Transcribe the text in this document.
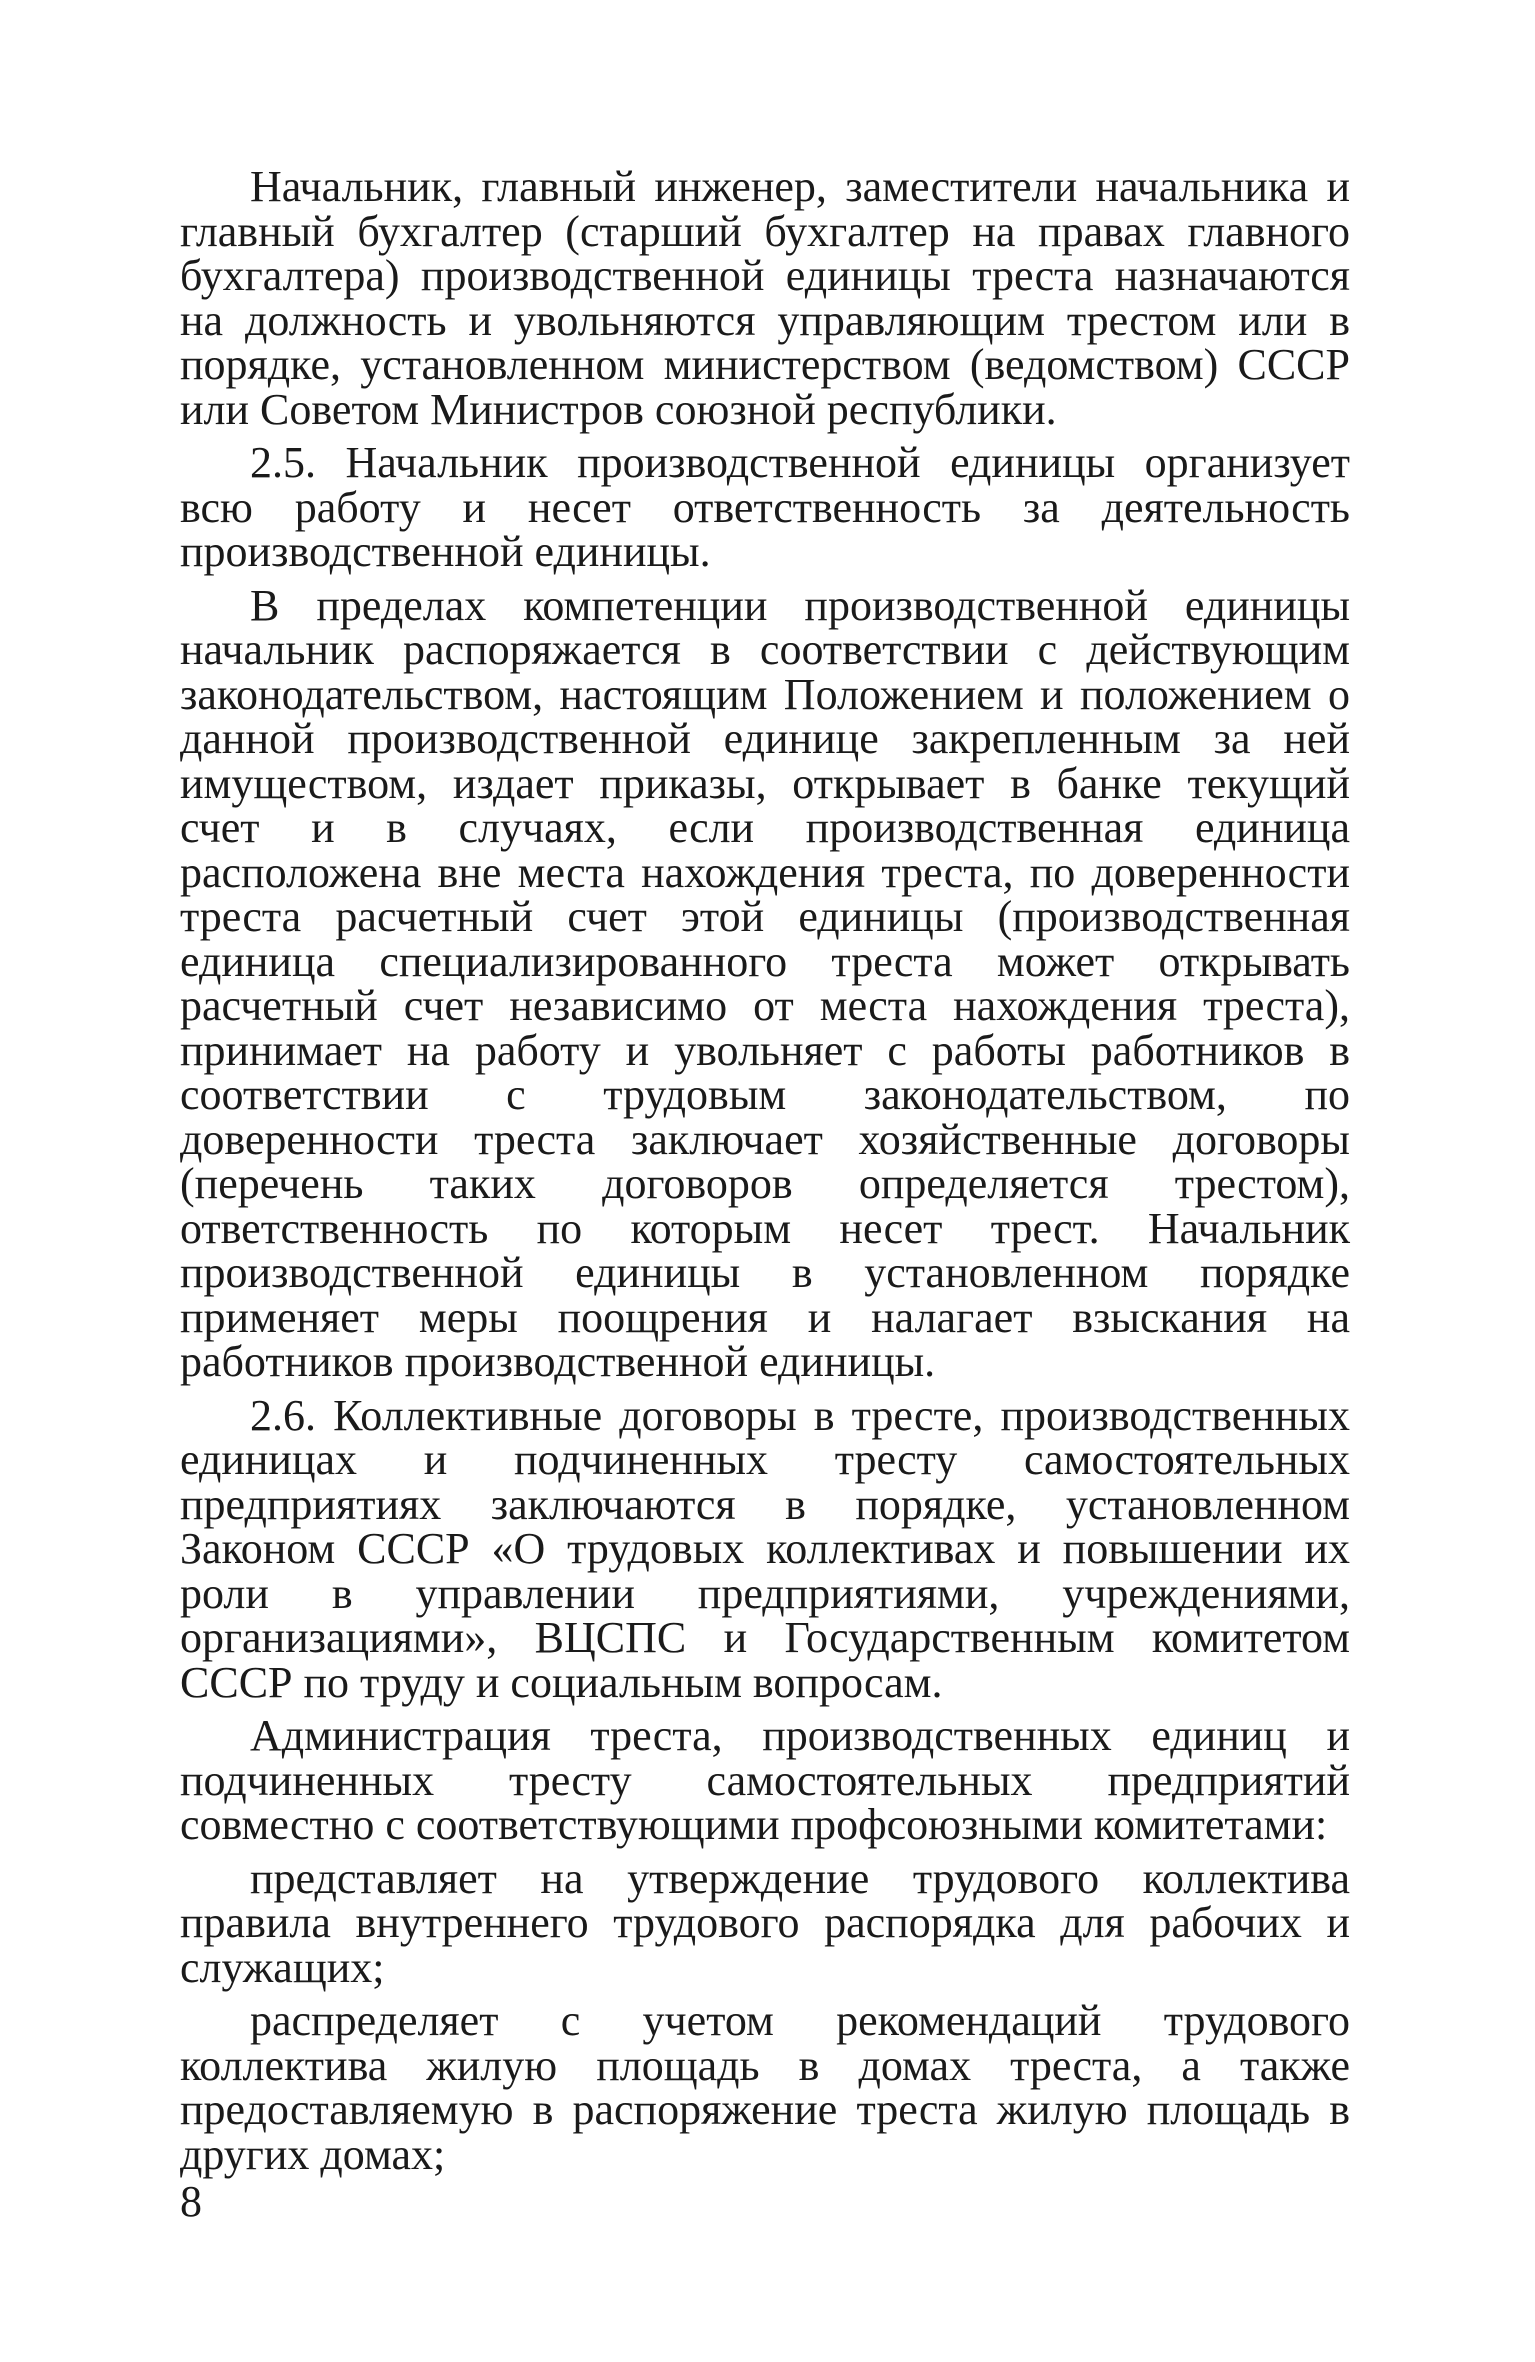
Начальник, главный инженер, заместители начальника и главный бухгалтер (старший бухгалтер на правах главного бухгалтера) производственной единицы треста назначаются на должность и увольняются управляющим трестом или в порядке, установленном министерством (ведомством) СССР или Советом Министров союзной республики.

2.5. Начальник производственной единицы организует всю работу и несет ответственность за деятельность производственной единицы.

В пределах компетенции производственной единицы начальник распоряжается в соответствии с действующим законодательством, настоящим Положением и положением о данной производственной единице закрепленным за ней имуществом, издает приказы, открывает в банке текущий счет и в случаях, если производственная единица расположена вне места нахождения треста, по доверенности треста расчетный счет этой единицы (производственная единица специализированного треста может открывать расчетный счет независимо от места нахождения треста), принимает на работу и увольняет с работы работников в соответствии с трудовым законодательством, по доверенности треста заключает хозяйственные договоры (перечень таких договоров определяется трестом), ответственность по которым несет трест. Начальник производственной единицы в установленном порядке применяет меры поощрения и налагает взыскания на работников производственной единицы.

2.6. Коллективные договоры в тресте, производственных единицах и подчиненных тресту самостоятельных предприятиях заключаются в порядке, установленном Законом СССР «О трудовых коллективах и повышении их роли в управлении предприятиями, учреждениями, организациями», ВЦСПС и Государственным комитетом СССР по труду и социальным вопросам.

Администрация треста, производственных единиц и подчиненных тресту самостоятельных предприятий совместно с соответствующими профсоюзными комитетами:

представляет на утверждение трудового коллектива правила внутреннего трудового распорядка для рабочих и служащих;

распределяет с учетом рекомендаций трудового коллектива жилую площадь в домах треста, а также предоставляемую в распоряжение треста жилую площадь в других домах;

8
